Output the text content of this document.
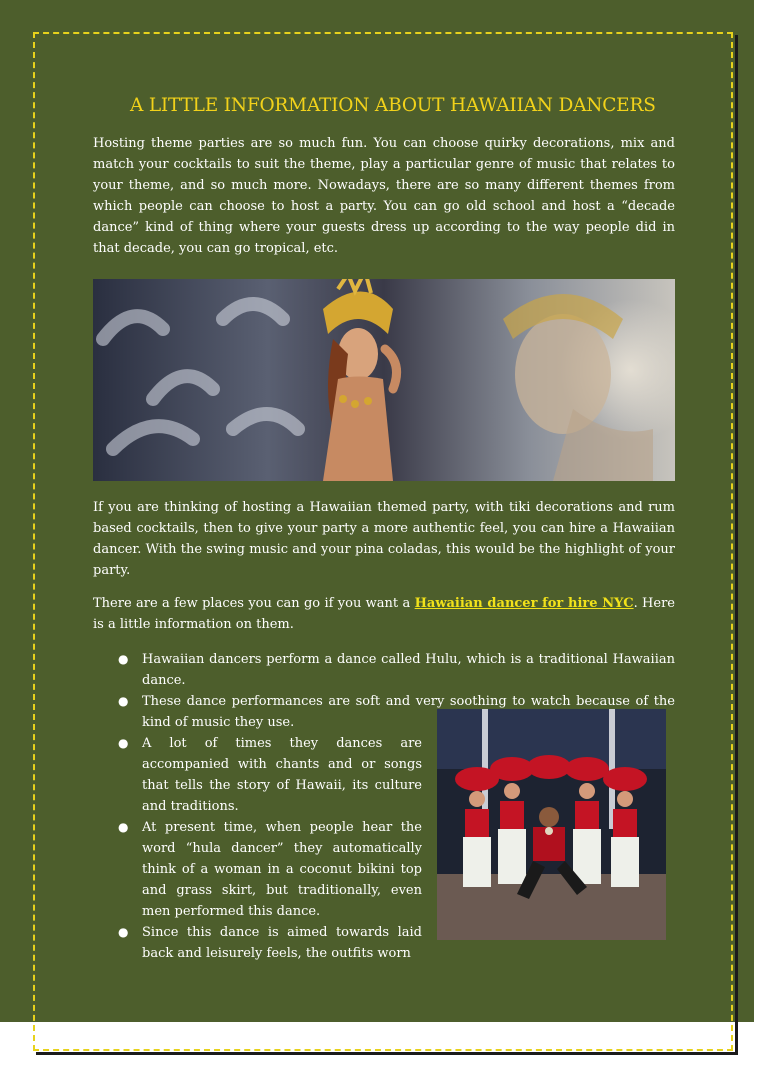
A LITTLE INFORMATION ABOUT HAWAIIAN DANCERS

Hosting theme parties are so much fun. You can choose quirky decorations, mix and match your cocktails to suit the theme, play a particular genre of music that relates to your theme, and so much more. Nowadays, there are so many different themes from which people can choose to host a party. You can go old school and host a “decade dance” kind of thing where your guests dress up according to the way people did in that decade, you can go tropical, etc.

If you are thinking of hosting a Hawaiian themed party, with tiki decorations and rum based cocktails, then to give your party a more authentic feel, you can hire a Hawaiian dancer. With the swing music and your pina coladas, this would be the highlight of your party.

There are a few places you can go if you want a Hawaiian dancer for hire NYC. Here is a little information on them.

● Hawaiian dancers perform a dance called Hulu, which is a traditional Hawaiian dance.
● These dance performances are soft and very soothing to watch because of the kind of music they use.
● A lot of times they dances are accompanied with chants and or songs that tells the story of Hawaii, its culture and traditions.
● At present time, when people hear the word “hula dancer” they automatically think of a woman in a coconut bikini top and grass skirt, but traditionally, even men performed this dance.
● Since this dance is aimed towards laid back and leisurely feels, the outfits worn
